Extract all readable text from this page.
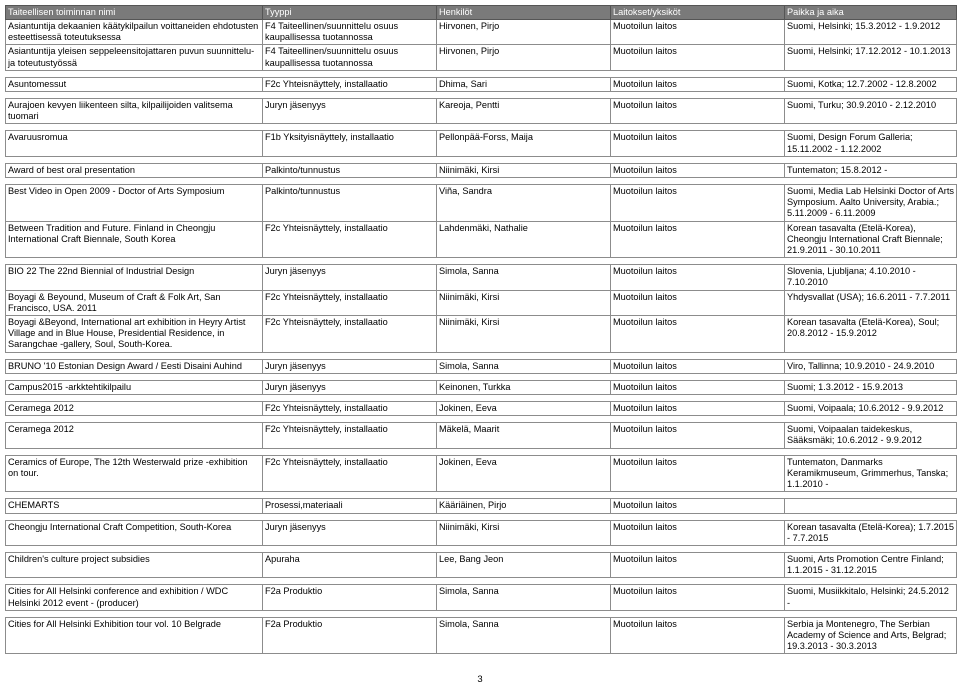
Taiteellisen toiminnan nimi	Tyyppi	Henkilöt	Laitokset/yksiköt	Paikka ja aika
Asiantuntija dekaanien käätykilpailun voittaneiden ehdotusten esteettisessä toteutuksessa	F4 Taiteellinen/suunnittelu osuus kaupallisessa tuotannossa	Hirvonen, Pirjo	Muotoilun laitos	Suomi, Helsinki; 15.3.2012 - 1.9.2012
Asiantuntija yleisen seppeleensitojattaren puvun suunnittelu- ja toteutustyössä	F4 Taiteellinen/suunnittelu osuus kaupallisessa tuotannossa	Hirvonen, Pirjo	Muotoilun laitos	Suomi, Helsinki; 17.12.2012 - 10.1.2013

Asuntomessut	F2c Yhteisnäyttely, installaatio	Dhima, Sari	Muotoilun laitos	Suomi, Kotka; 12.7.2002 - 12.8.2002

Aurajoen kevyen liikenteen silta, kilpailijoiden valitsema tuomari	Juryn jäsenyys	Kareoja, Pentti	Muotoilun laitos	Suomi, Turku; 30.9.2010 - 2.12.2010

Avaruusromua	F1b Yksityisnäyttely, installaatio	Pellonpää-Forss, Maija	Muotoilun laitos	Suomi, Design Forum Galleria; 15.11.2002 - 1.12.2002

Award of best oral presentation	Palkinto/tunnustus	Niinimäki, Kirsi	Muotoilun laitos	Tuntematon; 15.8.2012 -

Best Video in Open 2009 - Doctor of Arts Symposium	Palkinto/tunnustus	Viña, Sandra	Muotoilun laitos	Suomi, Media Lab Helsinki Doctor of Arts Symposium. Aalto University, Arabia.; 5.11.2009 - 6.11.2009
Between Tradition and Future. Finland in Cheongju International Craft Biennale, South Korea	F2c Yhteisnäyttely, installaatio	Lahdenmäki, Nathalie	Muotoilun laitos	Korean tasavalta (Etelä-Korea), Cheongju International Craft Biennale; 21.9.2011 - 30.10.2011

BIO 22 The 22nd Biennial of Industrial Design	Juryn jäsenyys	Simola, Sanna	Muotoilun laitos	Slovenia, Ljubljana; 4.10.2010 - 7.10.2010
Boyagi & Beyound, Museum of Craft & Folk Art, San Francisco, USA. 2011	F2c Yhteisnäyttely, installaatio	Niinimäki, Kirsi	Muotoilun laitos	Yhdysvallat (USA); 16.6.2011 - 7.7.2011
Boyagi &Beyond, International art exhibition in Heyry Artist Village and in Blue House, Presidential Residence, in Sarangchae -gallery, Soul, South-Korea.	F2c Yhteisnäyttely, installaatio	Niinimäki, Kirsi	Muotoilun laitos	Korean tasavalta (Etelä-Korea), Soul; 20.8.2012 - 15.9.2012

BRUNO '10 Estonian Design Award / Eesti Disaini Auhind	Juryn jäsenyys	Simola, Sanna	Muotoilun laitos	Viro, Tallinna; 10.9.2010 - 24.9.2010

Campus2015 -arkktehtikilpailu	Juryn jäsenyys	Keinonen, Turkka	Muotoilun laitos	Suomi; 1.3.2012 - 15.9.2013

Ceramega 2012	F2c Yhteisnäyttely, installaatio	Jokinen, Eeva	Muotoilun laitos	Suomi, Voipaala; 10.6.2012 - 9.9.2012

Ceramega 2012	F2c Yhteisnäyttely, installaatio	Mäkelä, Maarit	Muotoilun laitos	Suomi, Voipaalan taidekeskus, Sääksmäki; 10.6.2012 - 9.9.2012

Ceramics of Europe, The 12th Westerwald prize -exhibition on tour.	F2c Yhteisnäyttely, installaatio	Jokinen, Eeva	Muotoilun laitos	Tuntematon, Danmarks Keramikmuseum, Grimmerhus, Tanska; 1.1.2010 -

CHEMARTS	Prosessi,materiaali	Kääriäinen, Pirjo	Muotoilun laitos	

Cheongju International Craft Competition, South-Korea	Juryn jäsenyys	Niinimäki, Kirsi	Muotoilun laitos	Korean tasavalta (Etelä-Korea); 1.7.2015 - 7.7.2015

Children's culture project subsidies	Apuraha	Lee, Bang Jeon	Muotoilun laitos	Suomi, Arts Promotion Centre Finland; 1.1.2015 - 31.12.2015

Cities for All Helsinki conference and exhibition / WDC Helsinki 2012 event - (producer)	F2a Produktio	Simola, Sanna	Muotoilun laitos	Suomi, Musiikkitalo, Helsinki; 24.5.2012 -

Cities for All Helsinki Exhibition tour vol. 10 Belgrade	F2a Produktio	Simola, Sanna	Muotoilun laitos	Serbia ja Montenegro, The Serbian Academy of Science and Arts, Belgrad; 19.3.2013 - 30.3.2013
3
